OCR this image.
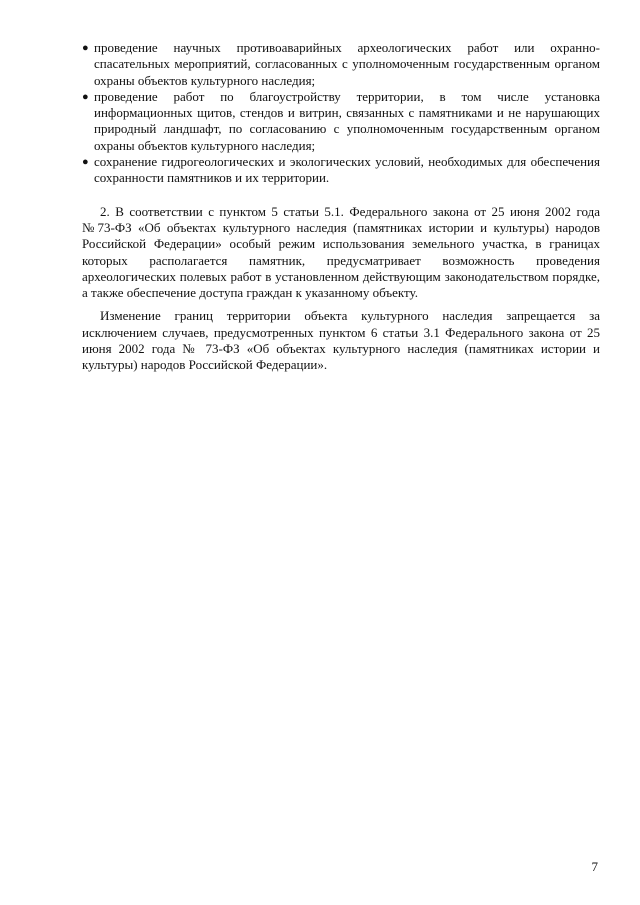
● проведение научных противоаварийных археологических работ или охранно-спасательных мероприятий, согласованных с уполномоченным государственным органом охраны объектов культурного наследия;
● проведение работ по благоустройству территории, в том числе установка информационных щитов, стендов и витрин, связанных с памятниками и не нарушающих природный ландшафт, по согласованию с уполномоченным государственным органом охраны объектов культурного наследия;
● сохранение гидрогеологических и экологических условий, необходимых для обеспечения сохранности памятников и их территории.

2. В соответствии с пунктом 5 статьи 5.1. Федерального закона от 25 июня 2002 года №73-ФЗ «Об объектах культурного наследия (памятниках истории и культуры) народов Российской Федерации» особый режим использования земельного участка, в границах которых располагается памятник, предусматривает возможность проведения археологических полевых работ в установленном действующим законодательством порядке, а также обеспечение доступа граждан к указанному объекту.

Изменение границ территории объекта культурного наследия запрещается за исключением случаев, предусмотренных пунктом 6 статьи 3.1 Федерального закона от 25 июня 2002 года № 73-ФЗ «Об объектах культурного наследия (памятниках истории и культуры) народов Российской Федерации».

7
